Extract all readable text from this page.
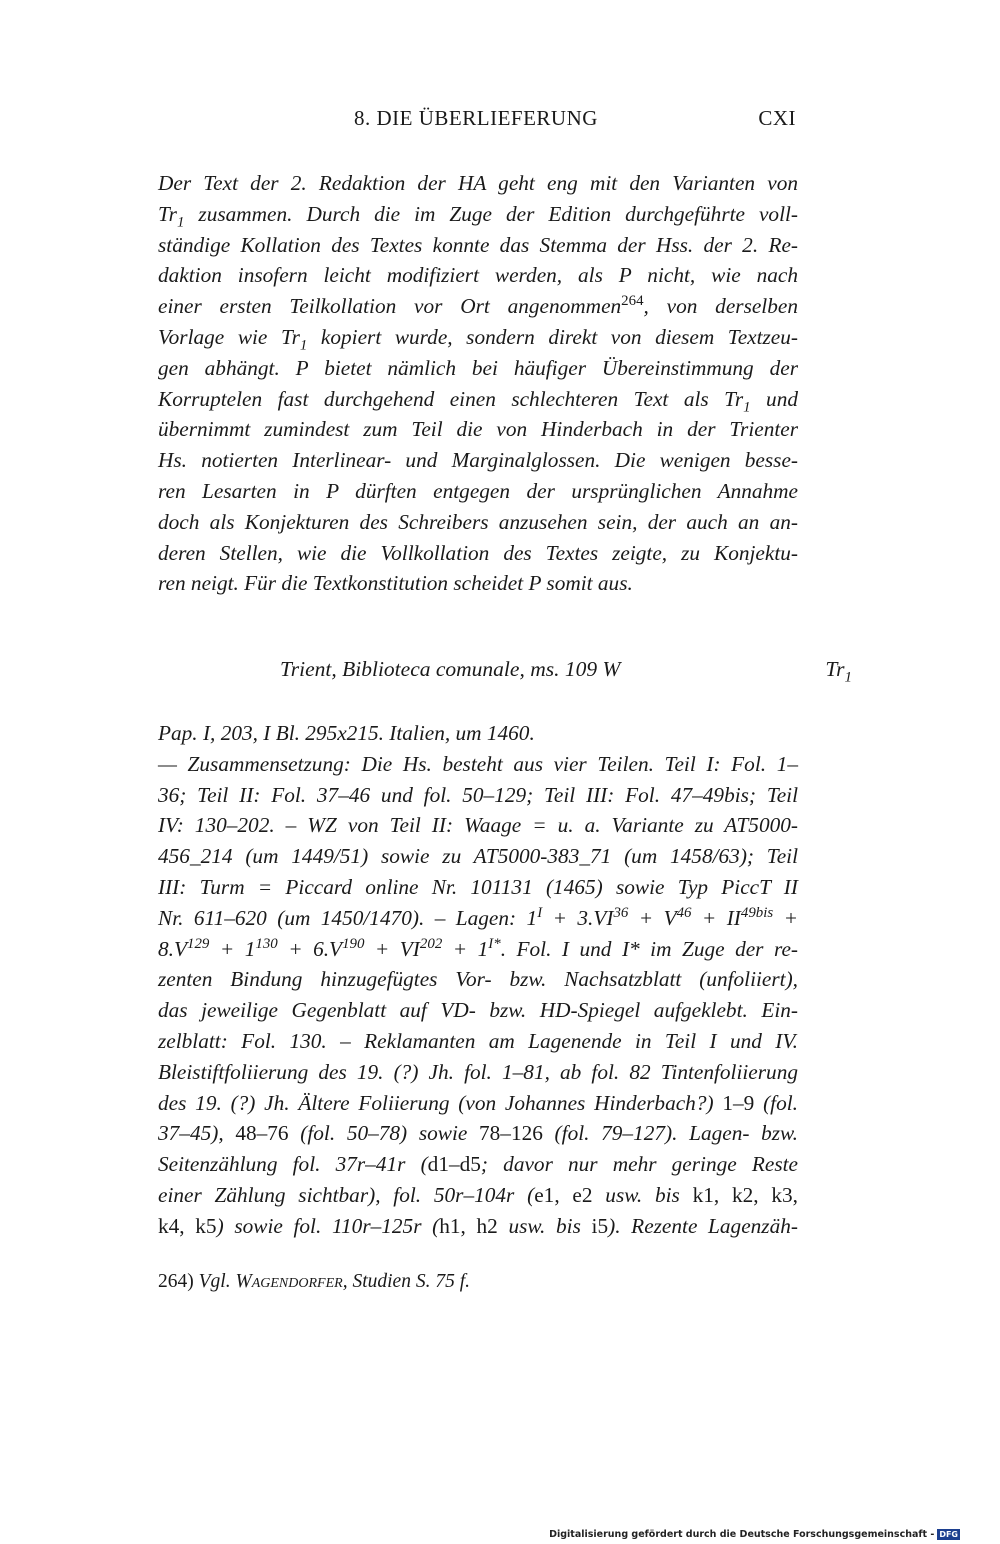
8. DIE ÜBERLIEFERUNG	CXI
Der Text der 2. Redaktion der HA geht eng mit den Varianten von
$Tr_1$ zusammen. Durch die im Zuge der Edition durchgeführte voll-
ständige Kollation des Textes konnte das Stemma der Hss. der 2. Re-
daktion insofern leicht modifiziert werden, als P nicht, wie nach
einer ersten Teilkollation vor Ort angenommen$^{264}$, von derselben
Vorlage wie $Tr_1$ kopiert wurde, sondern direkt von diesem Textzeu-
gen abhängt. P bietet nämlich bei häufiger Übereinstimmung der
Korruptelen fast durchgehend einen schlechteren Text als $Tr_1$ und
übernimmt zumindest zum Teil die von Hinderbach in der Trienter
Hs. notierten Interlinear- und Marginalglossen. Die wenigen besse-
ren Lesarten in P dürften entgegen der ursprünglichen Annahme
doch als Konjekturen des Schreibers anzusehen sein, der auch an an-
deren Stellen, wie die Vollkollation des Textes zeigte, zu Konjektu-
ren neigt. Für die Textkonstitution scheidet P somit aus.
Trient, Biblioteca comunale, ms. 109 W	$Tr_1$
Pap. I, 203, I Bl. 295x215. Italien, um 1460.
— Zusammensetzung: Die Hs. besteht aus vier Teilen. Teil I: Fol. 1–
36; Teil II: Fol. 37–46 und fol. 50–129; Teil III: Fol. 47–49bis; Teil
IV: 130–202. – WZ von Teil II: Waage = u. a. Variante zu AT5000-
456_214 (um 1449/51) sowie zu AT5000-383_71 (um 1458/63); Teil
III: Turm = Piccard online Nr. 101131 (1465) sowie Typ PiccT II
Nr. 611–620 (um 1450/1470). – Lagen: $1^I + 3.VI^{36} + V^{46} + II^{49bis}$ +
$8.V^{129} + 1^{130} + 6.V^{190} + VI^{202} + 1^{I*}$. Fol. I und I* im Zuge der re-
zenten Bindung hinzugefügtes Vor- bzw. Nachsatzblatt (unfoliiert),
das jeweilige Gegenblatt auf VD- bzw. HD-Spiegel aufgeklebt. Ein-
zelblatt: Fol. 130. – Reklamanten am Lagenende in Teil I und IV.
Bleistiftfoliierung des 19. (?) Jh. fol. 1–81, ab fol. 82 Tintenfoliierung
des 19. (?) Jh. Ältere Foliierung (von Johannes Hinderbach?) 1–9 (fol.
37–45), 48–76 (fol. 50–78) sowie 78–126 (fol. 79–127). Lagen- bzw.
Seitenzählung fol. 37r–41r (d1–d5; davor nur mehr geringe Reste
einer Zählung sichtbar), fol. 50r–104r (e1, e2 usw. bis k1, k2, k3,
k4, k5) sowie fol. 110r–125r (h1, h2 usw. bis i5). Rezente Lagenzäh-
264) Vgl. Wagendorfer, Studien S. 75 f.
Digitalisierung gefördert durch die Deutsche Forschungsgemeinschaft - DFG
